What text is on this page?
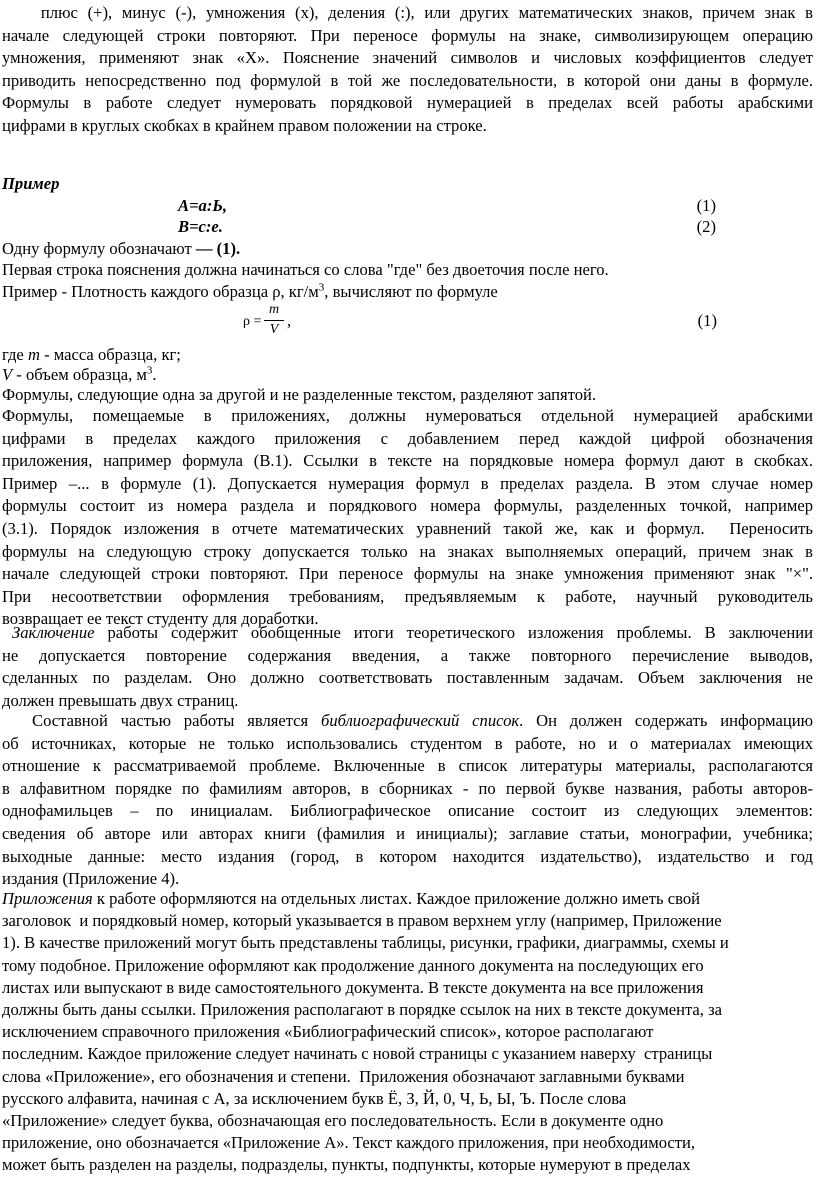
плюс (+), минус (-), умножения (х), деления (:), или других математических знаков, причем знак в
начале следующей строки повторяют. При переносе формулы на знаке, символизирующем операцию
умножения, применяют знак «Х». Пояснение значений символов и числовых коэффициентов следует
приводить непосредственно под формулой в той же последовательности, в которой они даны в формуле.
Формулы в работе следует нумеровать порядковой нумерацией в пределах всей работы арабскими
цифрами в круглых скобках в крайнем правом положении на строке.
Пример
А=а:Ь,	(1)
В=с:е.	(2)
Одну формулу обозначают — (1).
Первая строка пояснения должна начинаться со слова "где" без двоеточия после него.
Пример - Плотность каждого образца ρ, $кг/м^3$, вычисляют по формуле
ρ =
m
V ,	(1)
где m - масса образца, кг;
V - объем образца, $м^3$.
Формулы, следующие одна за другой и не разделенные текстом, разделяют запятой.
Формулы, помещаемые в приложениях, должны нумероваться отдельной нумерацией арабскими
цифрами в пределах каждого приложения с добавлением перед каждой цифрой обозначения
приложения, например формула (В.1). Ссылки в тексте на порядковые номера формул дают в скобках.
Пример –... в формуле (1). Допускается нумерация формул в пределах раздела. В этом случае номер
формулы состоит из номера раздела и порядкового номера формулы, разделенных точкой, например
(3.1). Порядок изложения в отчете математических уравнений такой же, как и формул.  Переносить
формулы на следующую строку допускается только на знаках выполняемых операций, причем знак в
начале следующей строки повторяют. При переносе формулы на знаке умножения применяют знак "×".
При несоответствии оформления требованиям, предъявляемым к работе, научный руководитель
возвращает ее текст студенту для доработки.
Заключение работы содержит обобщенные итоги теоретического изложения проблемы. В заключении
не допускается повторение содержания введения, а также повторного перечисление выводов,
сделанных по разделам. Оно должно соответствовать поставленным задачам. Объем заключения не
должен превышать двух страниц.
Составной частью работы является библиографический список. Он должен содержать информацию
об источниках, которые не только использовались студентом в работе, но и о материалах имеющих
отношение к рассматриваемой проблеме. Включенные в список литературы материалы, располагаются
в алфавитном порядке по фамилиям авторов, в сборниках - по первой букве названия, работы авторов-
однофамильцев – по инициалам. Библиографическое описание состоит из следующих элементов:
сведения об авторе или авторах книги (фамилия и инициалы); заглавие статьи, монографии, учебника;
выходные данные: место издания (город, в котором находится издательство), издательство и год
издания (Приложение 4).
Приложения к работе оформляются на отдельных листах. Каждое приложение должно иметь свой
заголовок  и порядковый номер, который указывается в правом верхнем углу (например, Приложение
1). В качестве приложений могут быть представлены таблицы, рисунки, графики, диаграммы, схемы и
тому подобное. Приложение оформляют как продолжение данного документа на последующих его
листах или выпускают в виде самостоятельного документа. В тексте документа на все приложения
должны быть даны ссылки. Приложения располагают в порядке ссылок на них в тексте документа, за
исключением справочного приложения «Библиографический список», которое располагают
последним. Каждое приложение следует начинать с новой страницы с указанием наверху  страницы
слова «Приложение», его обозначения и степени.  Приложения обозначают заглавными буквами
русского алфавита, начиная с А, за исключением букв Ё, З, Й, 0, Ч, Ь, Ы, Ъ. После слова
«Приложение» следует буква, обозначающая его последовательность. Если в документе одно
приложение, оно обозначается «Приложение А». Текст каждого приложения, при необходимости,
может быть разделен на разделы, подразделы, пункты, подпункты, которые нумеруют в пределах
